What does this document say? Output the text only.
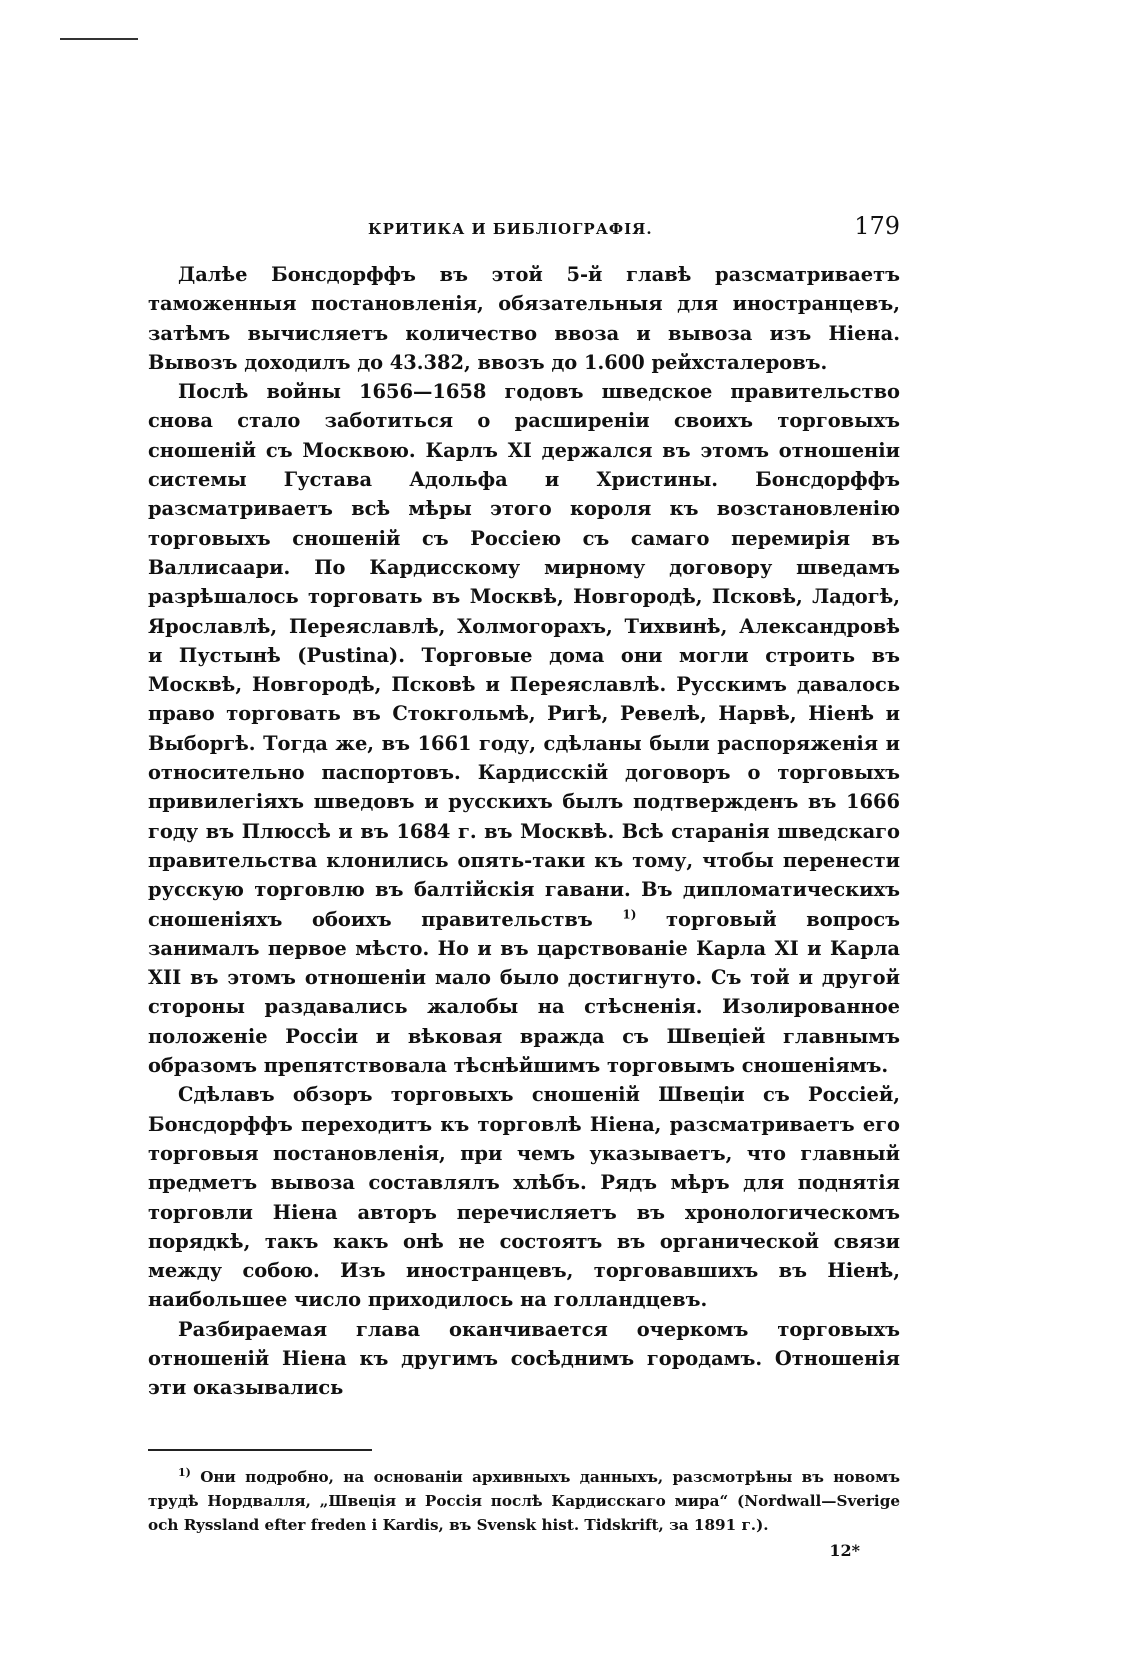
КРИТИКА И БИБЛІОГРАФІЯ.	179

Далѣе Бонсдорффъ въ этой 5-й главѣ разсматриваетъ таможенныя постановленія, обязательныя для иностранцевъ, затѣмъ вычисляетъ количество ввоза и вывоза изъ Ніена. Вывозъ доходилъ до 43.382, ввозъ до 1.600 рейхсталеровъ.

Послѣ войны 1656—1658 годовъ шведское правительство снова стало заботиться о расширеніи своихъ торговыхъ сношеній съ Москвою. Карлъ XI держался въ этомъ отношеніи системы Густава Адольфа и Христины. Бонсдорффъ разсматриваетъ всѣ мѣры этого короля къ возстановленію торговыхъ сношеній съ Россіею съ самаго перемирія въ Валлисаари. По Кардисскому мирному договору шведамъ разрѣшалось торговать въ Москвѣ, Новгородѣ, Псковѣ, Ладогѣ, Ярославлѣ, Переяславлѣ, Холмогорахъ, Тихвинѣ, Александровѣ и Пустынѣ (Pustina). Торговые дома они могли строить въ Москвѣ, Новгородѣ, Псковѣ и Переяславлѣ. Русскимъ давалось право торговать въ Стокгольмѣ, Ригѣ, Ревелѣ, Нарвѣ, Ніенѣ и Выборгѣ. Тогда же, въ 1661 году, сдѣланы были распоряженія и относительно паспортовъ. Кардисскій договоръ о торговыхъ привилегіяхъ шведовъ и русскихъ былъ подтвержденъ въ 1666 году въ Плюссѣ и въ 1684 г. въ Москвѣ. Всѣ старанія шведскаго правительства клонились опять-таки къ тому, чтобы перенести русскую торговлю въ балтійскія гавани. Въ дипломатическихъ сношеніяхъ обоихъ правительствъ $^{1)}$ торговый вопросъ занималъ первое мѣсто. Но и въ царствованіе Карла XI и Карла XII въ этомъ отношеніи мало было достигнуто. Съ той и другой стороны раздавались жалобы на стѣсненія. Изолированное положеніе Россіи и вѣковая вражда съ Швеціей главнымъ образомъ препятствовала тѣснѣйшимъ торговымъ сношеніямъ.

Сдѣлавъ обзоръ торговыхъ сношеній Швеціи съ Россіей, Бонсдорффъ переходитъ къ торговлѣ Ніена, разсматриваетъ его торговыя постановленія, при чемъ указываетъ, что главный предметъ вывоза составлялъ хлѣбъ. Рядъ мѣръ для поднятія торговли Ніена авторъ перечисляетъ въ хронологическомъ порядкѣ, такъ какъ онѣ не состоятъ въ органической связи между собою. Изъ иностранцевъ, торговавшихъ въ Ніенѣ, наибольшее число приходилось на голландцевъ.

Разбираемая глава оканчивается очеркомъ торговыхъ отношеній Ніена къ другимъ сосѣднимъ городамъ. Отношенія эти оказывались

$^{1)}$ Они подробно, на основаніи архивныхъ данныхъ, разсмотрѣны въ новомъ трудѣ Нордвалля, „Швеція и Россія послѣ Кардисскаго мира“ (Nordwall—Sverige och Ryssland efter freden i Kardis, въ Svensk hist. Tidskrift, за 1891 г.).
12*
